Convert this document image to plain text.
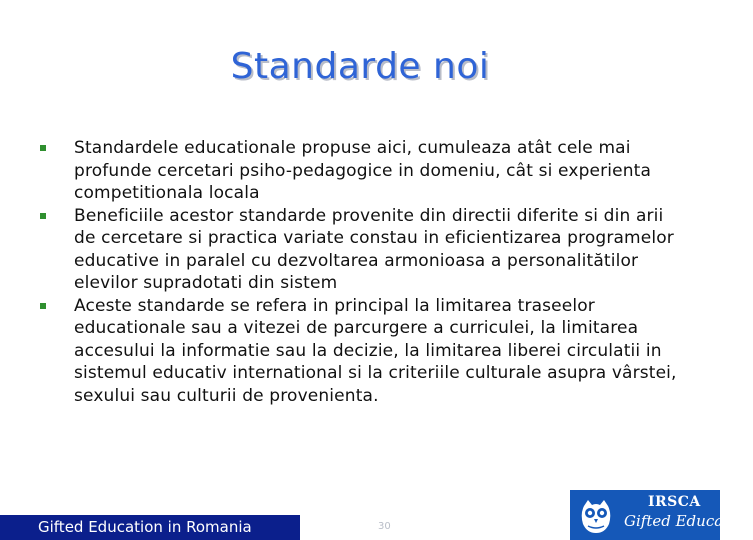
Standarde noi
Standardele educationale propuse aici, cumuleaza atât cele mai profunde cercetari psiho-pedagogice in domeniu, cât si experienta competitionala locala
Beneficiile acestor standarde provenite din directii diferite si din arii de cercetare si practica variate constau in eficientizarea programelor educative in paralel cu dezvoltarea armonioasa a personalitătilor elevilor supradotati din sistem
Aceste standarde se refera in principal la limitarea traseelor educationale sau a vitezei de parcurgere a curriculei, la limitarea accesului la informatie sau la decizie, la limitarea liberei circulatii in sistemul educativ international si la criteriile culturale asupra vârstei, sexului sau culturii de provenienta.
Gifted Education in Romania	30
IRSCA
Gifted Education
